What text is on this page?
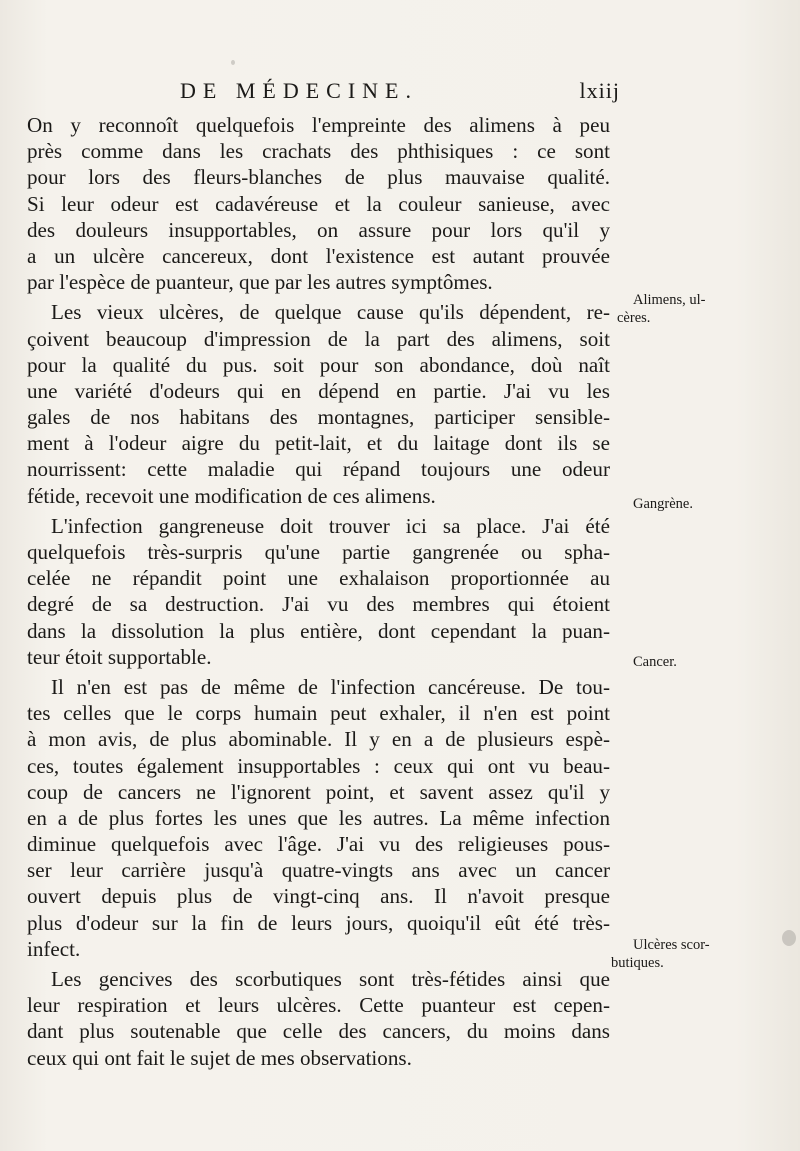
DE MÉDECINE.	lxiij
On y reconnoît quelquefois l'empreinte des alimens à peu
près comme dans les crachats des phthisiques : ce sont
pour lors des fleurs-blanches de plus mauvaise qualité.
Si leur odeur est cadavéreuse et la couleur sanieuse, avec
des douleurs insupportables, on assure pour lors qu'il y
a un ulcère cancereux, dont l'existence est autant prouvée
par l'espèce de puanteur, que par les autres symptômes.
Les vieux ulcères, de quelque cause qu'ils dépendent, re-
çoivent beaucoup d'impression de la part des alimens, soit
pour la qualité du pus. soit pour son abondance, doù naît
une variété d'odeurs qui en dépend en partie. J'ai vu les
gales de nos habitans des montagnes, participer sensible-
ment à l'odeur aigre du petit-lait, et du laitage dont ils se
nourrissent: cette maladie qui répand toujours une odeur
fétide, recevoit une modification de ces alimens.
L'infection gangreneuse doit trouver ici sa place. J'ai été
quelquefois très-surpris qu'une partie gangrenée ou spha-
celée ne répandit point une exhalaison proportionnée au
degré de sa destruction. J'ai vu des membres qui étoient
dans la dissolution la plus entière, dont cependant la puan-
teur étoit supportable.
Il n'en est pas de même de l'infection cancéreuse. De tou-
tes celles que le corps humain peut exhaler, il n'en est point
à mon avis, de plus abominable. Il y en a de plusieurs espè-
ces, toutes également insupportables : ceux qui ont vu beau-
coup de cancers ne l'ignorent point, et savent assez qu'il y
en a de plus fortes les unes que les autres. La même infection
diminue quelquefois avec l'âge. J'ai vu des religieuses pous-
ser leur carrière jusqu'à quatre-vingts ans avec un cancer
ouvert depuis plus de vingt-cinq ans. Il n'avoit presque
plus d'odeur sur la fin de leurs jours, quoiqu'il eût été très-
infect.
Les gencives des scorbutiques sont très-fétides ainsi que
leur respiration et leurs ulcères. Cette puanteur est cepen-
dant plus soutenable que celle des cancers, du moins dans
ceux qui ont fait le sujet de mes observations.
Alimens, ul-
cères.
Gangrène.
Cancer.
Ulcères scor-
butiques.
